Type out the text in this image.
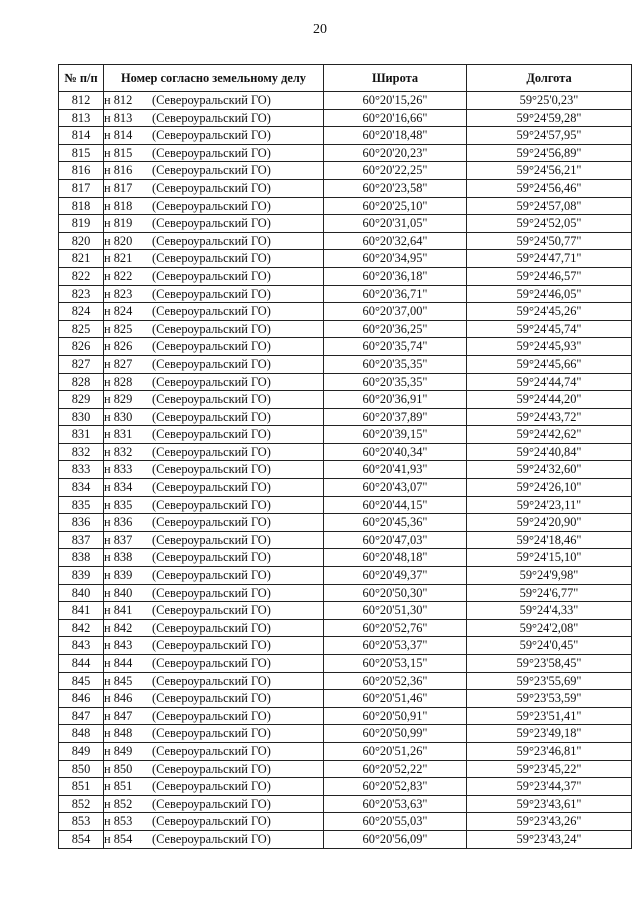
20
№ п/п	Номер согласно земельному делу	Широта	Долгота
812	н 812 (Североуральский ГО)	60°20'15,26"	59°25'0,23"
813	н 813 (Североуральский ГО)	60°20'16,66"	59°24'59,28"
814	н 814 (Североуральский ГО)	60°20'18,48"	59°24'57,95"
815	н 815 (Североуральский ГО)	60°20'20,23"	59°24'56,89"
816	н 816 (Североуральский ГО)	60°20'22,25"	59°24'56,21"
817	н 817 (Североуральский ГО)	60°20'23,58"	59°24'56,46"
818	н 818 (Североуральский ГО)	60°20'25,10"	59°24'57,08"
819	н 819 (Североуральский ГО)	60°20'31,05"	59°24'52,05"
820	н 820 (Североуральский ГО)	60°20'32,64"	59°24'50,77"
821	н 821 (Североуральский ГО)	60°20'34,95"	59°24'47,71"
822	н 822 (Североуральский ГО)	60°20'36,18"	59°24'46,57"
823	н 823 (Североуральский ГО)	60°20'36,71"	59°24'46,05"
824	н 824 (Североуральский ГО)	60°20'37,00"	59°24'45,26"
825	н 825 (Североуральский ГО)	60°20'36,25"	59°24'45,74"
826	н 826 (Североуральский ГО)	60°20'35,74"	59°24'45,93"
827	н 827 (Североуральский ГО)	60°20'35,35"	59°24'45,66"
828	н 828 (Североуральский ГО)	60°20'35,35"	59°24'44,74"
829	н 829 (Североуральский ГО)	60°20'36,91"	59°24'44,20"
830	н 830 (Североуральский ГО)	60°20'37,89"	59°24'43,72"
831	н 831 (Североуральский ГО)	60°20'39,15"	59°24'42,62"
832	н 832 (Североуральский ГО)	60°20'40,34"	59°24'40,84"
833	н 833 (Североуральский ГО)	60°20'41,93"	59°24'32,60"
834	н 834 (Североуральский ГО)	60°20'43,07"	59°24'26,10"
835	н 835 (Североуральский ГО)	60°20'44,15"	59°24'23,11"
836	н 836 (Североуральский ГО)	60°20'45,36"	59°24'20,90"
837	н 837 (Североуральский ГО)	60°20'47,03"	59°24'18,46"
838	н 838 (Североуральский ГО)	60°20'48,18"	59°24'15,10"
839	н 839 (Североуральский ГО)	60°20'49,37"	59°24'9,98"
840	н 840 (Североуральский ГО)	60°20'50,30"	59°24'6,77"
841	н 841 (Североуральский ГО)	60°20'51,30"	59°24'4,33"
842	н 842 (Североуральский ГО)	60°20'52,76"	59°24'2,08"
843	н 843 (Североуральский ГО)	60°20'53,37"	59°24'0,45"
844	н 844 (Североуральский ГО)	60°20'53,15"	59°23'58,45"
845	н 845 (Североуральский ГО)	60°20'52,36"	59°23'55,69"
846	н 846 (Североуральский ГО)	60°20'51,46"	59°23'53,59"
847	н 847 (Североуральский ГО)	60°20'50,91"	59°23'51,41"
848	н 848 (Североуральский ГО)	60°20'50,99"	59°23'49,18"
849	н 849 (Североуральский ГО)	60°20'51,26"	59°23'46,81"
850	н 850 (Североуральский ГО)	60°20'52,22"	59°23'45,22"
851	н 851 (Североуральский ГО)	60°20'52,83"	59°23'44,37"
852	н 852 (Североуральский ГО)	60°20'53,63"	59°23'43,61"
853	н 853 (Североуральский ГО)	60°20'55,03"	59°23'43,26"
854	н 854 (Североуральский ГО)	60°20'56,09"	59°23'43,24"
